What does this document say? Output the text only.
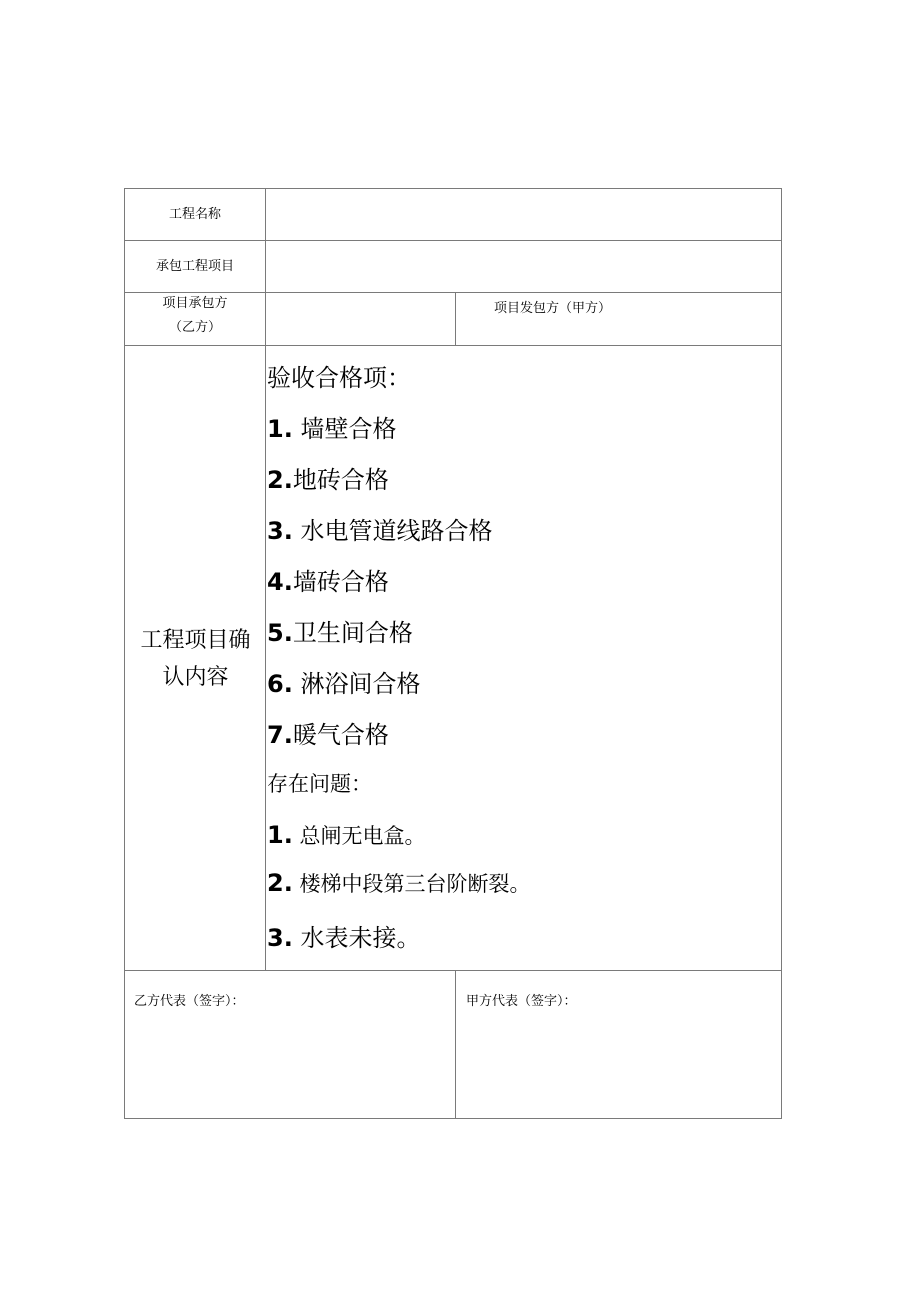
工程名称
承包工程项目
项目承包方
（乙方）
项目发包方（甲方）
工程项目确
认内容
验收合格项：
1. 墙壁合格
2.地砖合格
3. 水电管道线路合格
4.墙砖合格
5.卫生间合格
6. 淋浴间合格
7.暖气合格
存在问题：
1. 总闸无电盒。
2. 楼梯中段第三台阶断裂。
3. 水表未接。
乙方代表（签字）：	甲方代表（签字）：
